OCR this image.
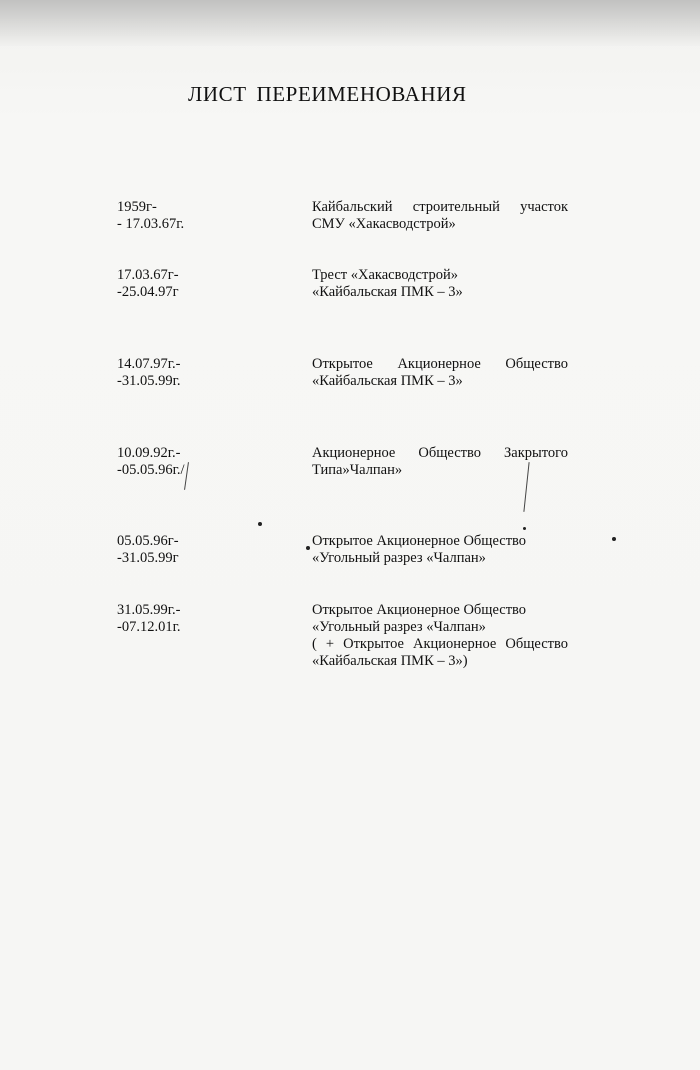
ЛИСТ ПЕРЕИМЕНОВАНИЯ
1959г-
- 17.03.67г.
Кайбальский строительный участок
СМУ «Хакасводстрой»
17.03.67г-
-25.04.97г
Трест «Хакасводстрой»
«Кайбальская ПМК – 3»
14.07.97г.-
-31.05.99г.
Открытое Акционерное Общество
«Кайбальская ПМК – 3»
10.09.92г.-
-05.05.96г./
Акционерное Общество Закрытого
Типа»Чалпан»
05.05.96г-
-31.05.99г
Открытое Акционерное Общество
«Угольный разрез «Чалпан»
31.05.99г.-
-07.12.01г.
Открытое Акционерное Общество
«Угольный разрез «Чалпан»
( + Открытое Акционерное Общество
«Кайбальская ПМК – 3»)
